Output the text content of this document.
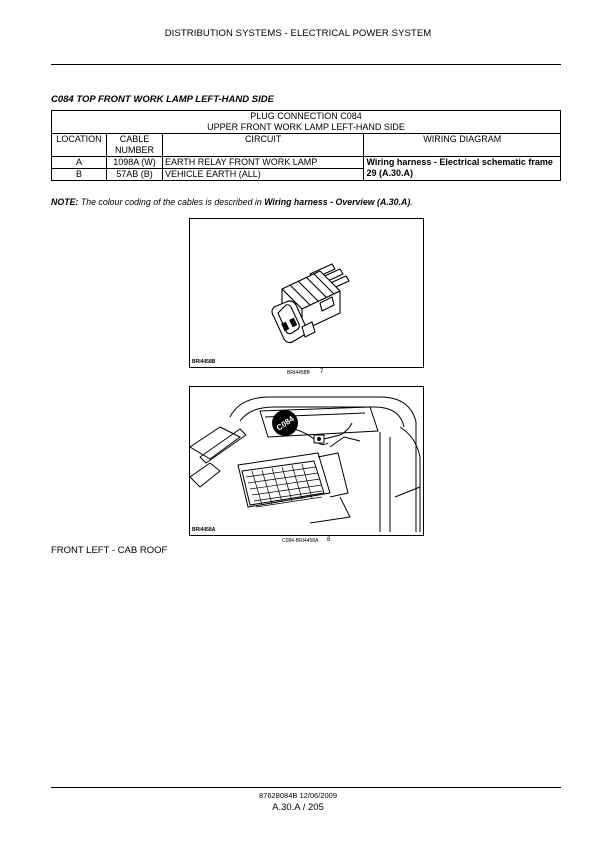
DISTRIBUTION SYSTEMS - ELECTRICAL POWER SYSTEM
C084 TOP FRONT WORK LAMP LEFT-HAND SIDE
PLUG CONNECTION C084
UPPER FRONT WORK LAMP LEFT-HAND SIDE			

LOCATION	CABLE NUMBER	CIRCUIT	WIRING DIAGRAM
A	1098A (W)	EARTH RELAY FRONT WORK LAMP	Wiring harness - Electrical schematic frame 29 (A.30.A)
B	57AB (B)	VEHICLE EARTH (ALL)	
NOTE: The colour coding of the cables is described in Wiring harness - Overview (A.30.A).
BRI4458B
BRI4458B 7
C084
BRI4458A
C084-BRI4458A 8
FRONT LEFT - CAB ROOF
87628084B 12/06/2009
A.30.A / 205
